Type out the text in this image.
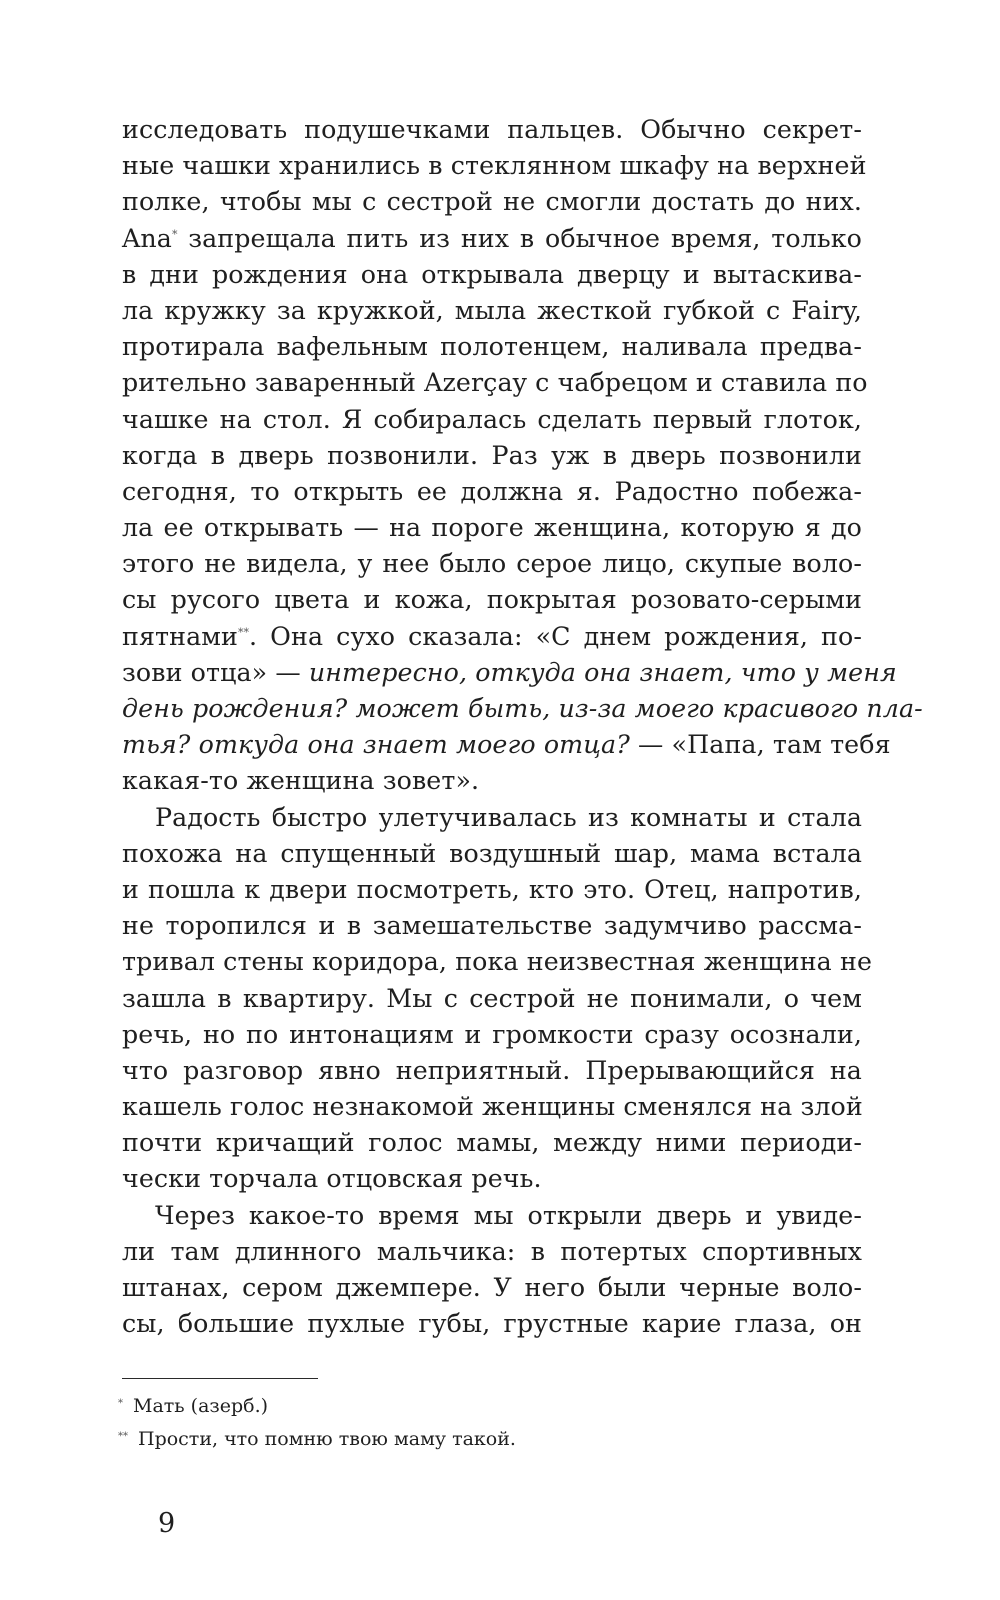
исследовать подушечками пальцев. Обычно секрет-
ные чашки хранились в стеклянном шкафу на верхней
полке, чтобы мы с сестрой не смогли достать до них.
Ana* запрещала пить из них в обычное время, только
в дни рождения она открывала дверцу и вытаскива-
ла кружку за кружкой, мыла жесткой губкой с Fairy,
протирала вафельным полотенцем, наливала предва-
рительно заваренный Azerçay с чабрецом и ставила по
чашке на стол. Я собиралась сделать первый глоток,
когда в дверь позвонили. Раз уж в дверь позвонили
сегодня, то открыть ее должна я. Радостно побежа-
ла ее открывать — на пороге женщина, которую я до
этого не видела, у нее было серое лицо, скупые воло-
сы русого цвета и кожа, покрытая розовато-серыми
пятнами**. Она сухо сказала: «С днем рождения, по-
зови отца» — интересно, откуда она знает, что у меня
день рождения? может быть, из-за моего красивого пла-
тья? откуда она знает моего отца? — «Папа, там тебя
какая-то женщина зовет».
Радость быстро улетучивалась из комнаты и стала
похожа на спущенный воздушный шар, мама встала
и пошла к двери посмотреть, кто это. Отец, напротив,
не торопился и в замешательстве задумчиво рассма-
тривал стены коридора, пока неизвестная женщина не
зашла в квартиру. Мы с сестрой не понимали, о чем
речь, но по интонациям и громкости сразу осознали,
что разговор явно неприятный. Прерывающийся на
кашель голос незнакомой женщины сменялся на злой
почти кричащий голос мамы, между ними периоди-
чески торчала отцовская речь.
Через какое-то время мы открыли дверь и увиде-
ли там длинного мальчика: в потертых спортивных
штанах, сером джемпере. У него были черные воло-
сы, большие пухлые губы, грустные карие глаза, он
* Мать (азерб.)
** Прости, что помню твою маму такой.
9
